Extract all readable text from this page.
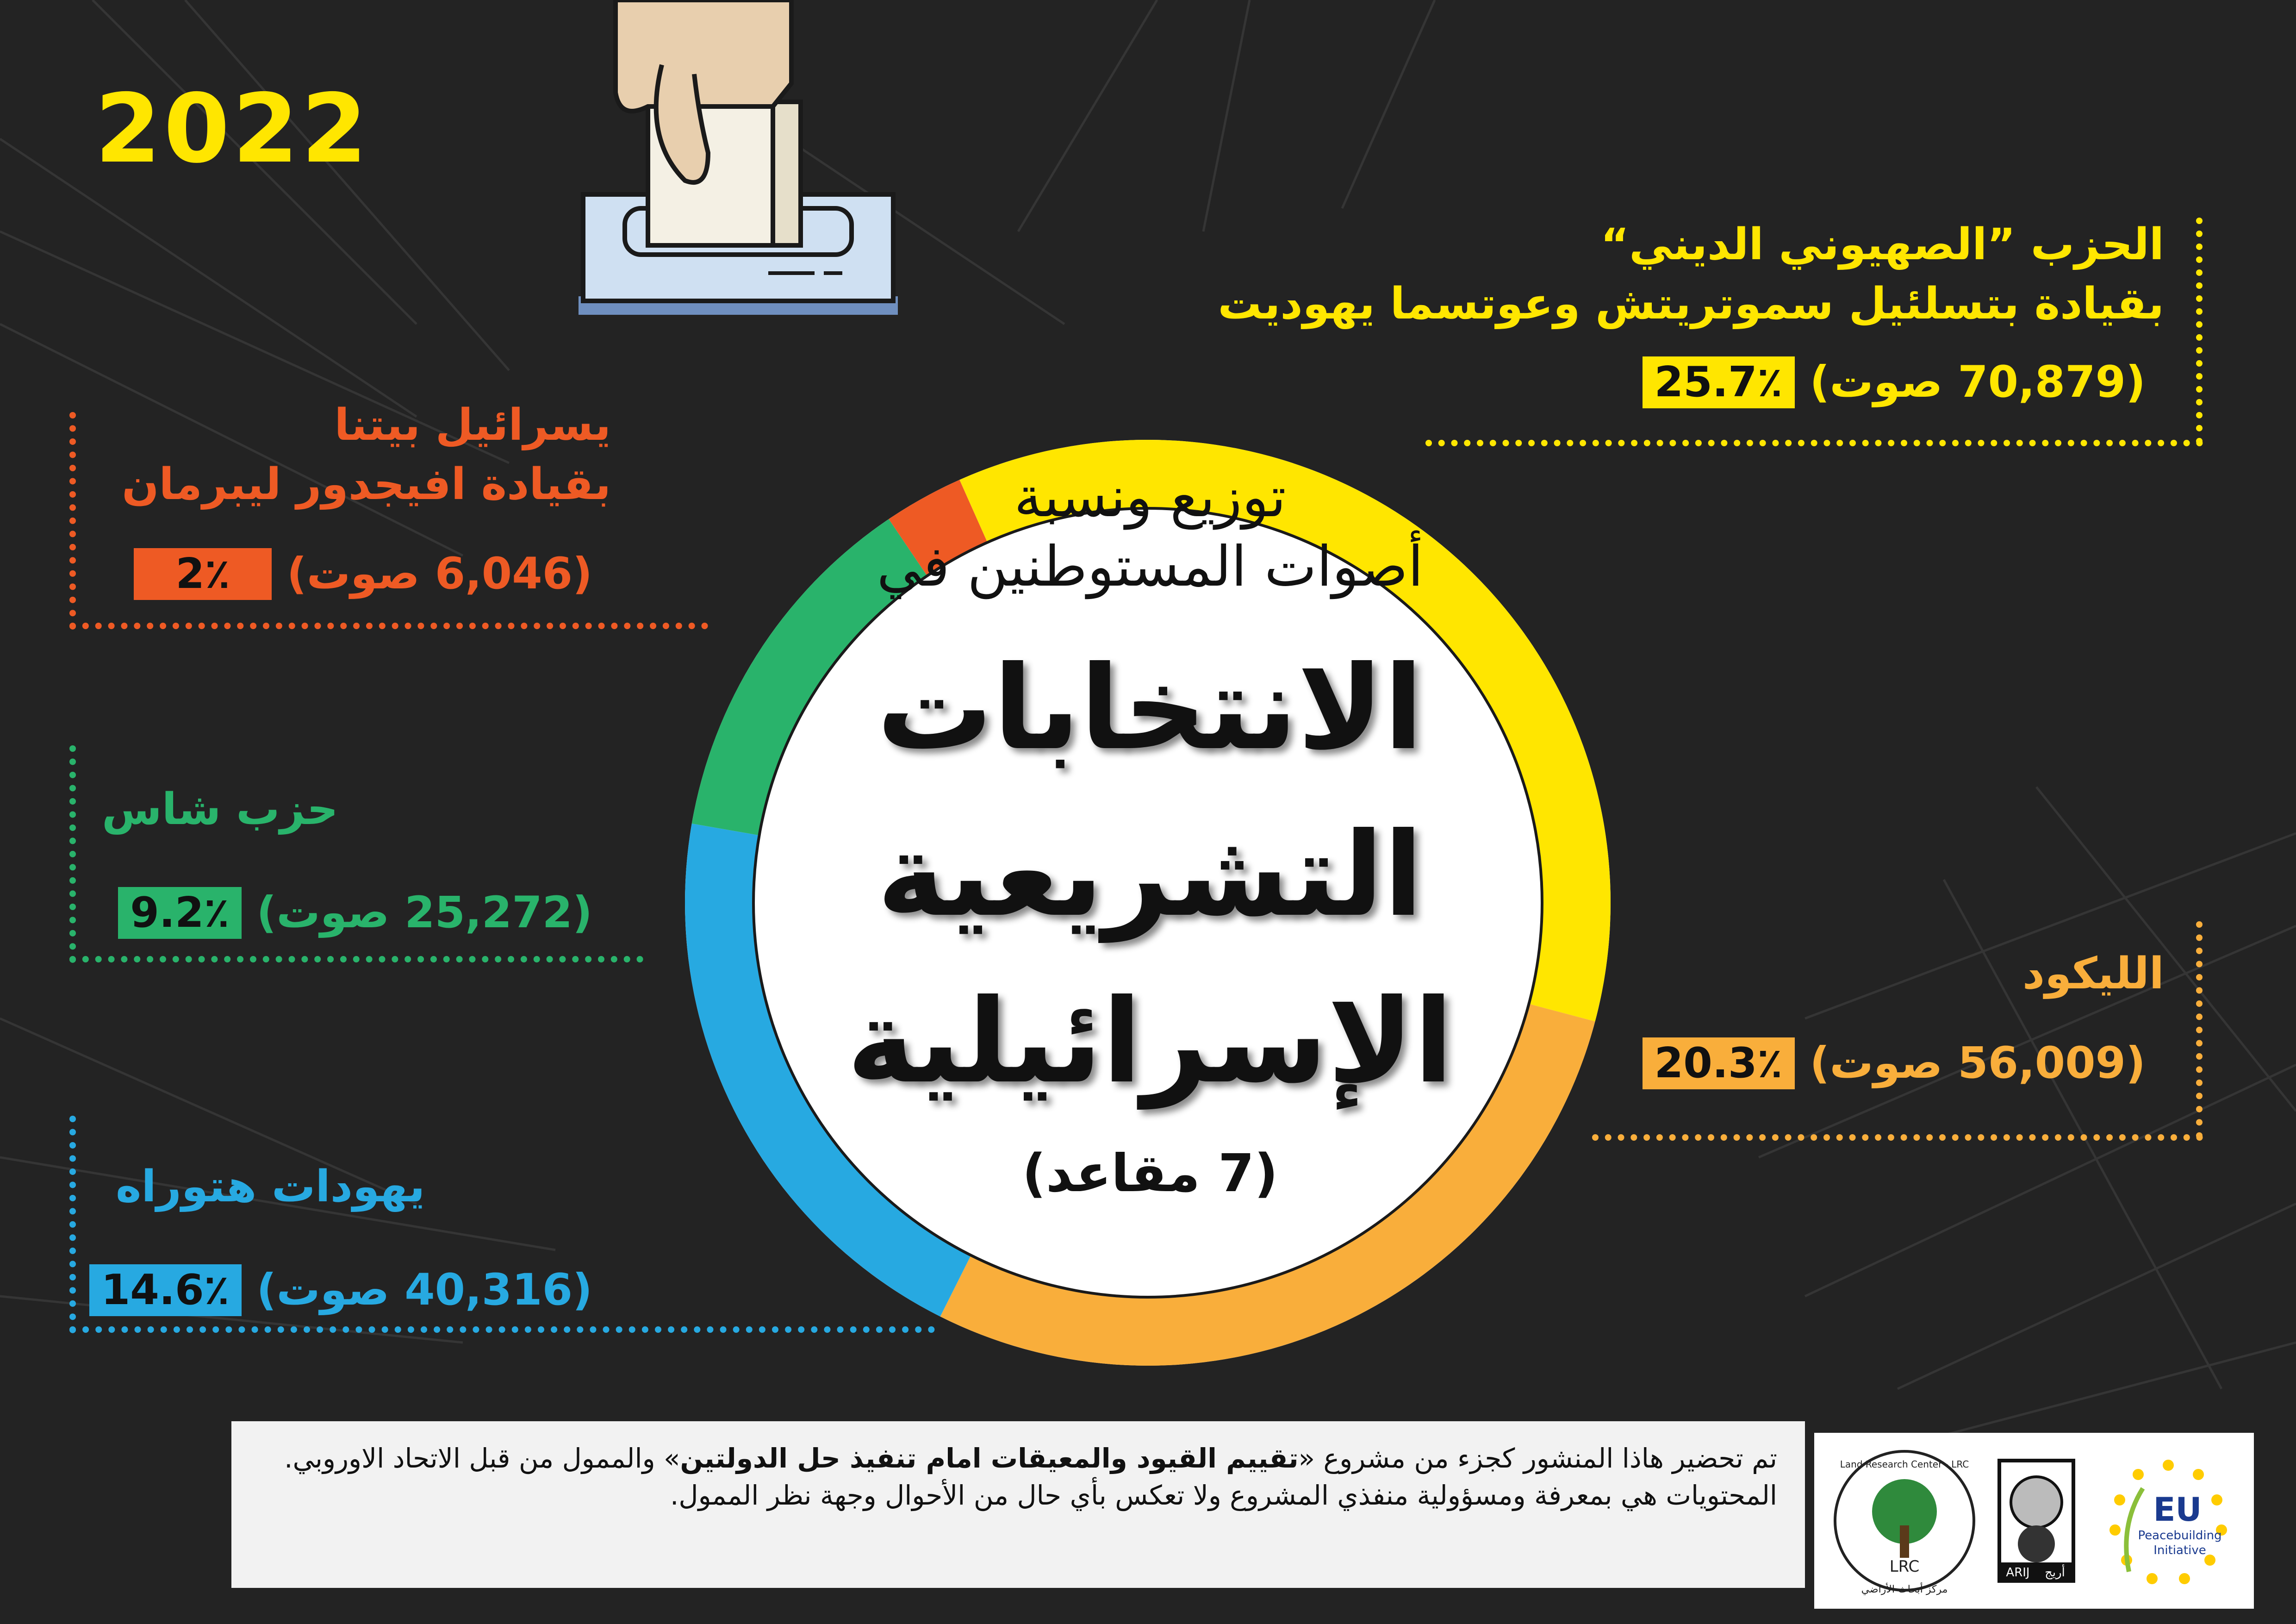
2022
توزيع ونسبة
أصوات المستوطنين في
الانتخابات
التشريعية
الإسرائيلية
(7 مقاعد)
الحزب ”الصهيوني الديني“
بقيادة بتسلئيل سموتريتش وعوتسما يهوديت
(70,879 صوت) 25.7٪
الليكود
(56,009 صوت) 20.3٪
يسرائيل بيتنا
بقيادة افيجدور ليبرمان
(6,046 صوت) 2٪
حزب شاس
(25,272 صوت) 9.2٪
يهودات هتوراه
(40,316 صوت) 14.6٪
تم تحضير هاذا المنشور كجزء من مشروع «تقييم القيود والمعيقات امام تنفيذ حل الدولتين» والممول من قبل الاتحاد الاوروبي. المحتويات هي بمعرفة ومسؤولية منفذي المشروع ولا تعكس بأي حال من الأحوال وجهة نظر الممول.
LRC
Land Research Center - LRC
مركز أبحاث الأراضي
ARIJ أريج
EU
Peacebuilding
Initiative
